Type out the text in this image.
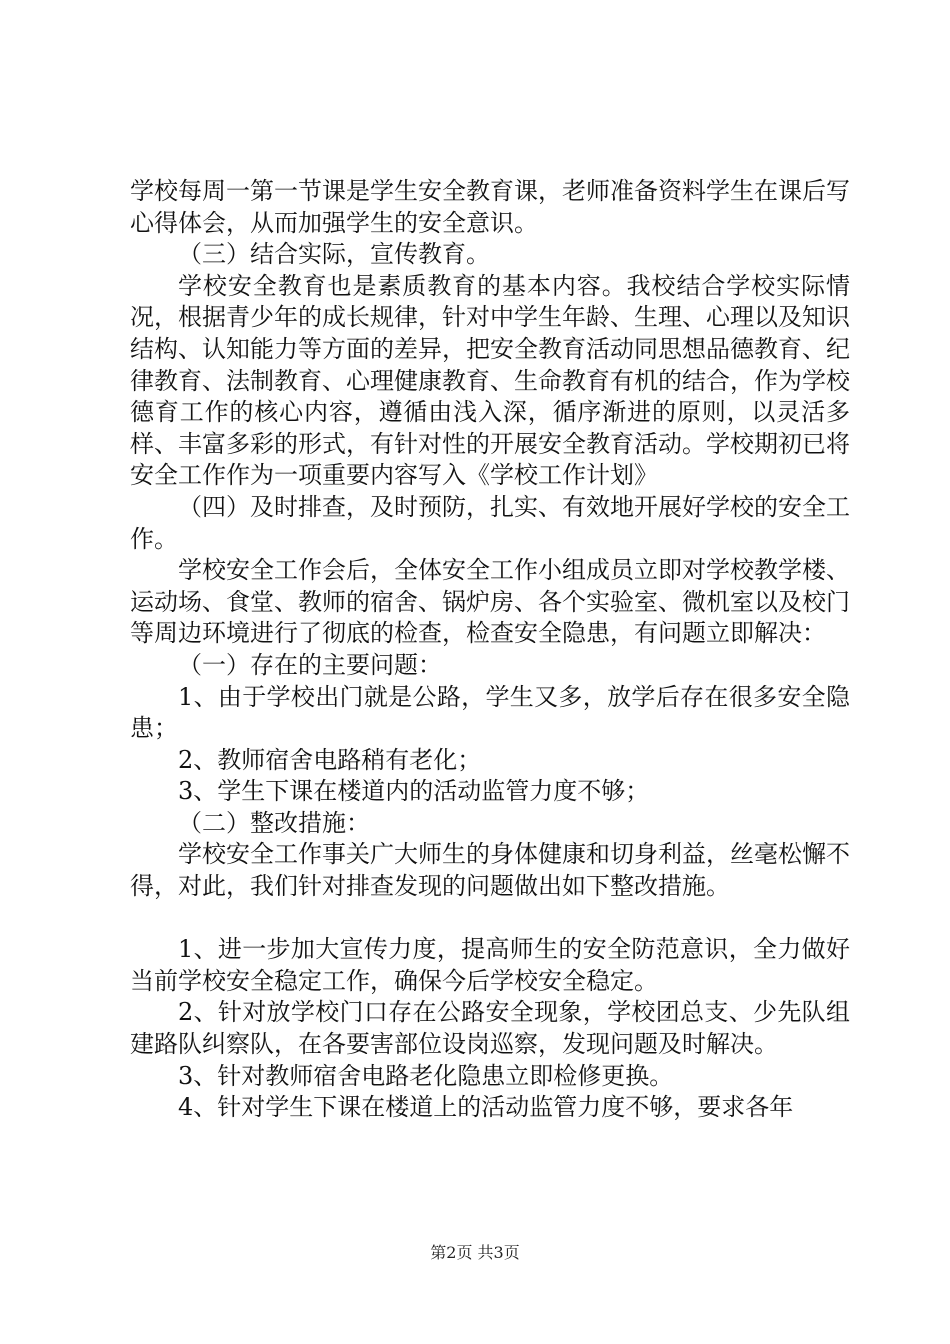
学校每周一第一节课是学生安全教育课，老师准备资料学生在课后写心得体会，从而加强学生的安全意识。

（三）结合实际，宣传教育。

学校安全教育也是素质教育的基本内容。我校结合学校实际情况，根据青少年的成长规律，针对中学生年龄、生理、心理以及知识结构、认知能力等方面的差异，把安全教育活动同思想品德教育、纪律教育、法制教育、心理健康教育、生命教育有机的结合，作为学校德育工作的核心内容，遵循由浅入深，循序渐进的原则，以灵活多样、丰富多彩的形式，有针对性的开展安全教育活动。学校期初已将安全工作作为一项重要内容写入《学校工作计划》

（四）及时排查，及时预防，扎实、有效地开展好学校的安全工作。

学校安全工作会后，全体安全工作小组成员立即对学校教学楼、运动场、食堂、教师的宿舍、锅炉房、各个实验室、微机室以及校门等周边环境进行了彻底的检查，检查安全隐患，有问题立即解决：

（一）存在的主要问题：

1、由于学校出门就是公路，学生又多，放学后存在很多安全隐患；

2、教师宿舍电路稍有老化；

3、学生下课在楼道内的活动监管力度不够；

（二）整改措施：

学校安全工作事关广大师生的身体健康和切身利益，丝毫松懈不得，对此，我们针对排查发现的问题做出如下整改措施。

1、进一步加大宣传力度，提高师生的安全防范意识，全力做好当前学校安全稳定工作，确保今后学校安全稳定。

2、针对放学校门口存在公路安全现象，学校团总支、少先队组建路队纠察队，在各要害部位设岗巡察，发现问题及时解决。

3、针对教师宿舍电路老化隐患立即检修更换。

4、针对学生下课在楼道上的活动监管力度不够，要求各年

第2页 共3页
